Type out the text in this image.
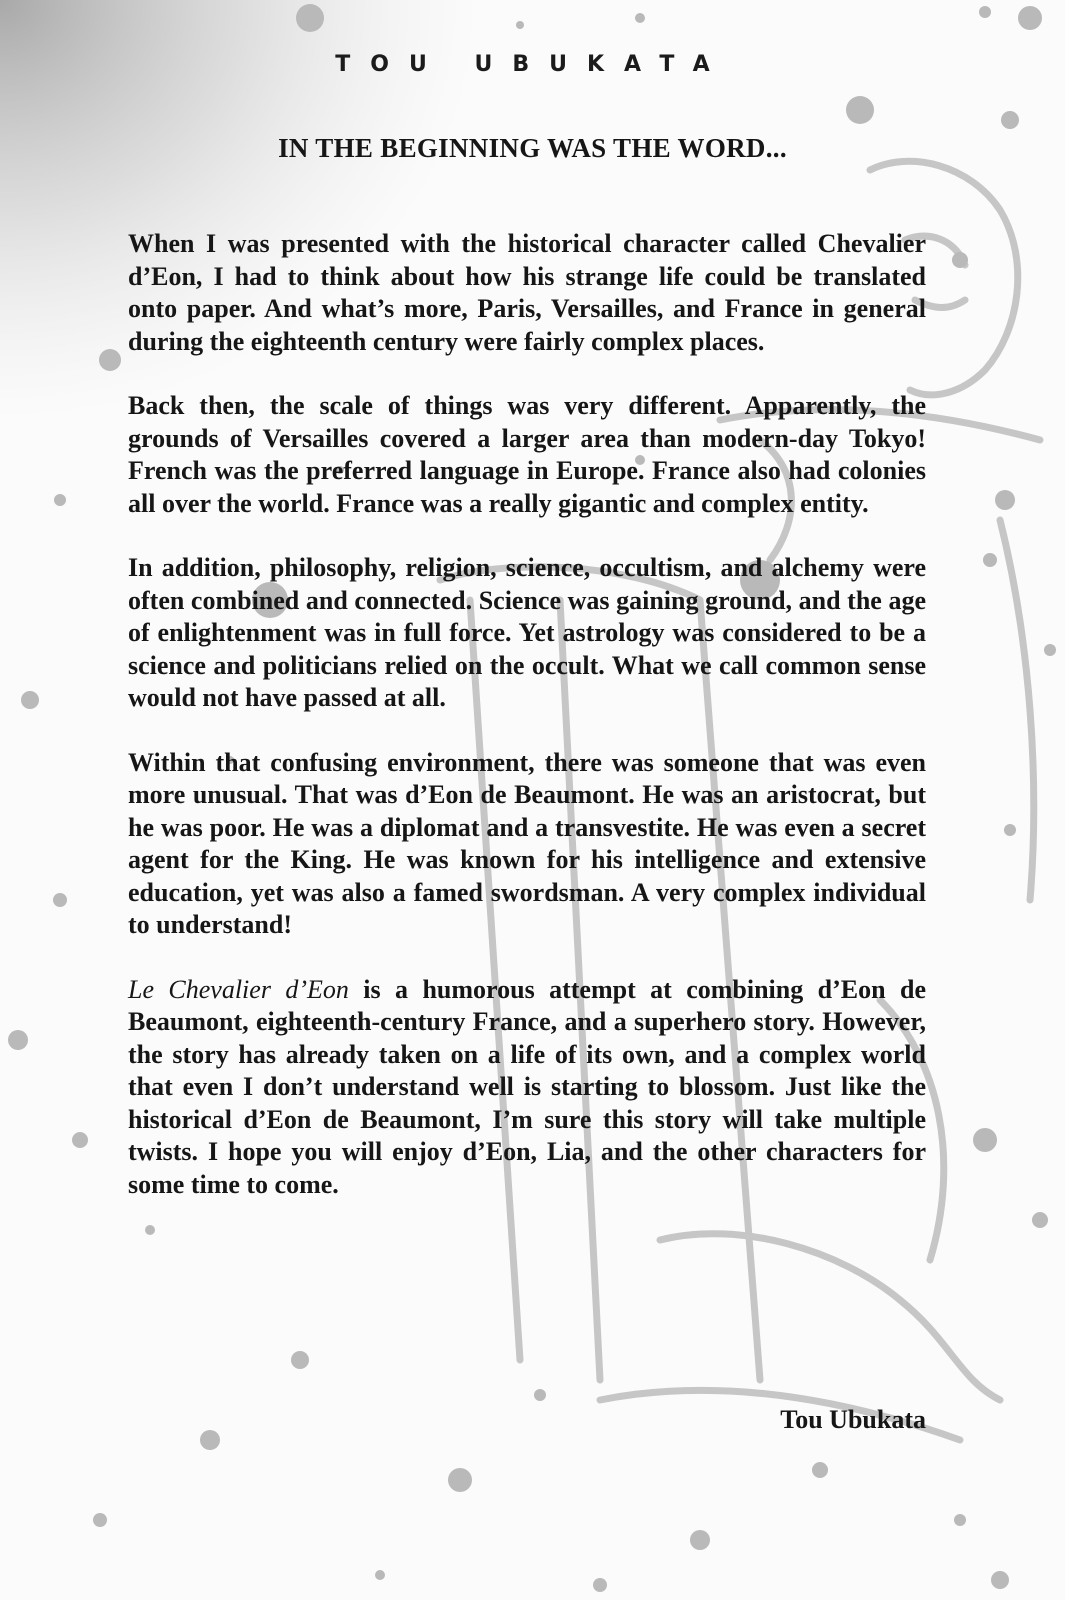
TOU UBUKATA
IN THE BEGINNING WAS THE WORD...

When I was presented with the historical character called Chevalier d’Eon, I had to think about how his strange life could be translated onto paper. And what’s more, Paris, Versailles, and France in general during the eighteenth century were fairly complex places.

Back then, the scale of things was very different. Apparently, the grounds of Versailles covered a larger area than modern-day Tokyo! French was the preferred language in Europe. France also had colonies all over the world. France was a really gigantic and complex entity.

In addition, philosophy, religion, science, occultism, and alchemy were often combined and connected. Science was gaining ground, and the age of enlightenment was in full force. Yet astrology was considered to be a science and politicians relied on the occult. What we call common sense would not have passed at all.

Within that confusing environment, there was someone that was even more unusual. That was d’Eon de Beaumont. He was an aristocrat, but he was poor. He was a diplomat and a transvestite. He was even a secret agent for the King. He was known for his intelligence and extensive education, yet was also a famed swordsman. A very complex individual to understand!

Le Chevalier d’Eon is a humorous attempt at combining d’Eon de Beaumont, eighteenth-century France, and a superhero story. However, the story has already taken on a life of its own, and a complex world that even I don’t understand well is starting to blossom. Just like the historical d’Eon de Beaumont, I’m sure this story will take multiple twists. I hope you will enjoy d’Eon, Lia, and the other characters for some time to come.

Tou Ubukata
